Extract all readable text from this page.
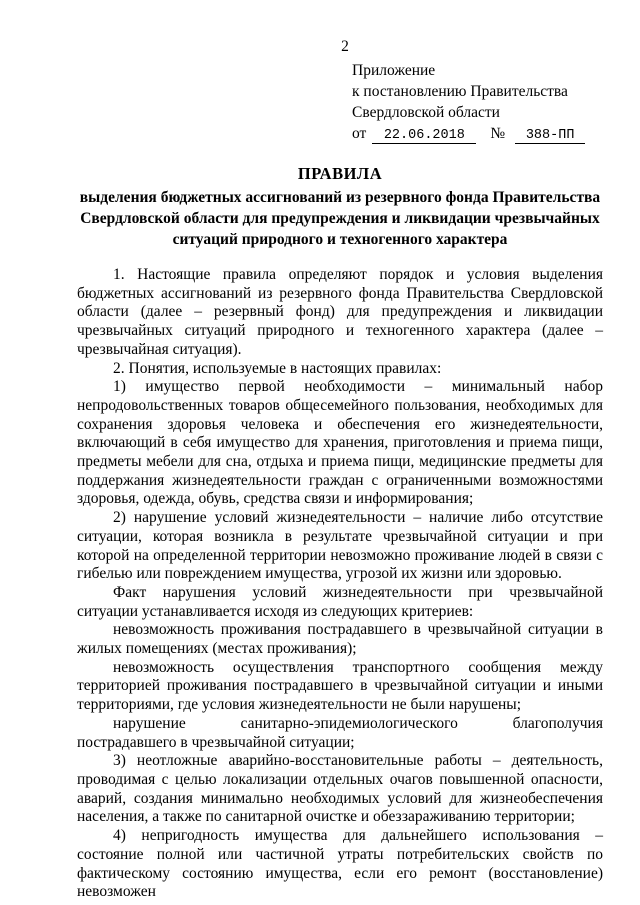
2
Приложение
к постановлению Правительства
Свердловской области
от	22.06.2018	№	388-ПП
ПРАВИЛА
выделения бюджетных ассигнований из резервного фонда Правительства Свердловской области для предупреждения и ликвидации чрезвычайных ситуаций природного и техногенного характера

1. Настоящие правила определяют порядок и условия выделения бюджетных ассигнований из резервного фонда Правительства Свердловской области (далее – резервный фонд) для предупреждения и ликвидации чрезвычайных ситуаций природного и техногенного характера (далее – чрезвычайная ситуация).

2. Понятия, используемые в настоящих правилах:

1) имущество первой необходимости – минимальный набор непродовольственных товаров общесемейного пользования, необходимых для сохранения здоровья человека и обеспечения его жизнедеятельности, включающий в себя имущество для хранения, приготовления и приема пищи, предметы мебели для сна, отдыха и приема пищи, медицинские предметы для поддержания жизнедеятельности граждан с ограниченными возможностями здоровья, одежда, обувь, средства связи и информирования;

2) нарушение условий жизнедеятельности – наличие либо отсутствие ситуации, которая возникла в результате чрезвычайной ситуации и при которой на определенной территории невозможно проживание людей в связи с гибелью или повреждением имущества, угрозой их жизни или здоровью.

Факт нарушения условий жизнедеятельности при чрезвычайной ситуации устанавливается исходя из следующих критериев:

невозможность проживания пострадавшего в чрезвычайной ситуации в жилых помещениях (местах проживания);

невозможность осуществления транспортного сообщения между территорией проживания пострадавшего в чрезвычайной ситуации и иными территориями, где условия жизнедеятельности не были нарушены;

нарушение санитарно-эпидемиологического благополучия пострадавшего в чрезвычайной ситуации;

3) неотложные аварийно-восстановительные работы – деятельность, проводимая с целью локализации отдельных очагов повышенной опасности, аварий, создания минимально необходимых условий для жизнеобеспечения населения, а также по санитарной очистке и обеззараживанию территории;

4) непригодность имущества для дальнейшего использования – состояние полной или частичной утраты потребительских свойств по фактическому состоянию имущества, если его ремонт (восстановление) невозможен
